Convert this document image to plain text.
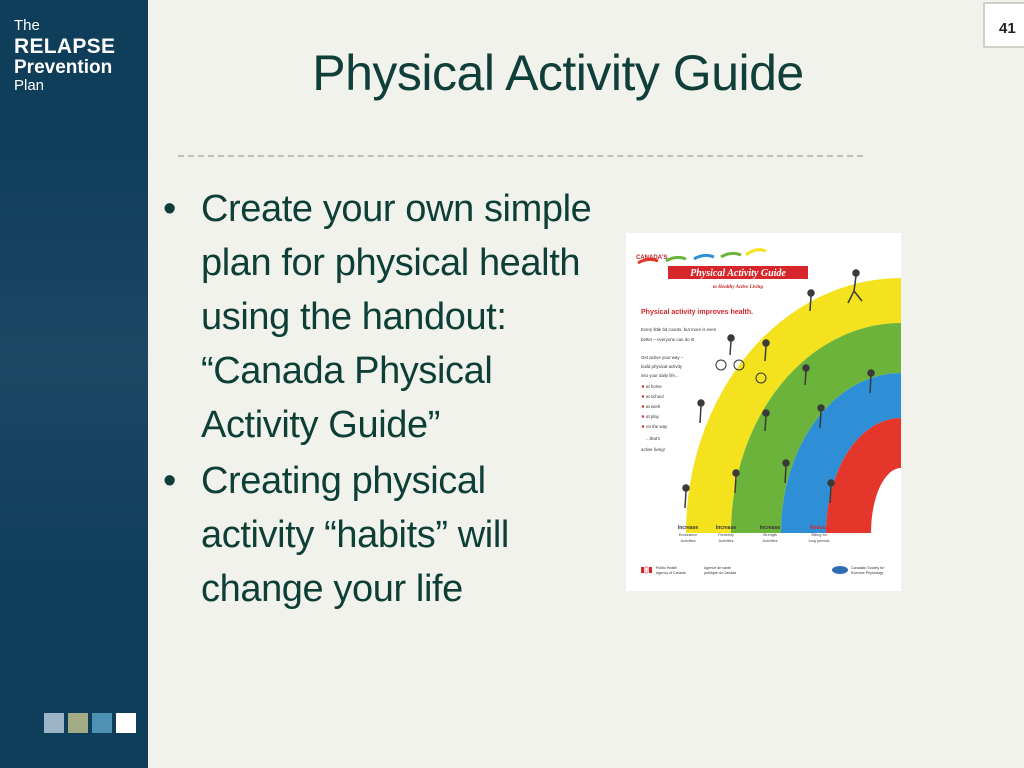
The
RELAPSE
Prevention
Plan
41
Physical Activity Guide
• Create your own simple
plan for physical health
using the handout:
“Canada Physical
Activity Guide”
• Creating physical
activity “habits” will
change your life
CANADA'S
Physical Activity Guide
to Healthy Active Living
Physical activity improves health.
Every little bit counts, but more is even
better – everyone can do it!
Get active your way –
build physical activity
into your daily life...
at home
at school
at work
at play
on the way
...that's
active living!
Increase
Endurance
Activities
Increase
Flexibility
Activities
Increase
Strength
Activities
Reduce
Sitting for
long periods
Public Health
Agency of Canada
Agence de santé
publique du Canada
Canadian Society for
Exercise Physiology
